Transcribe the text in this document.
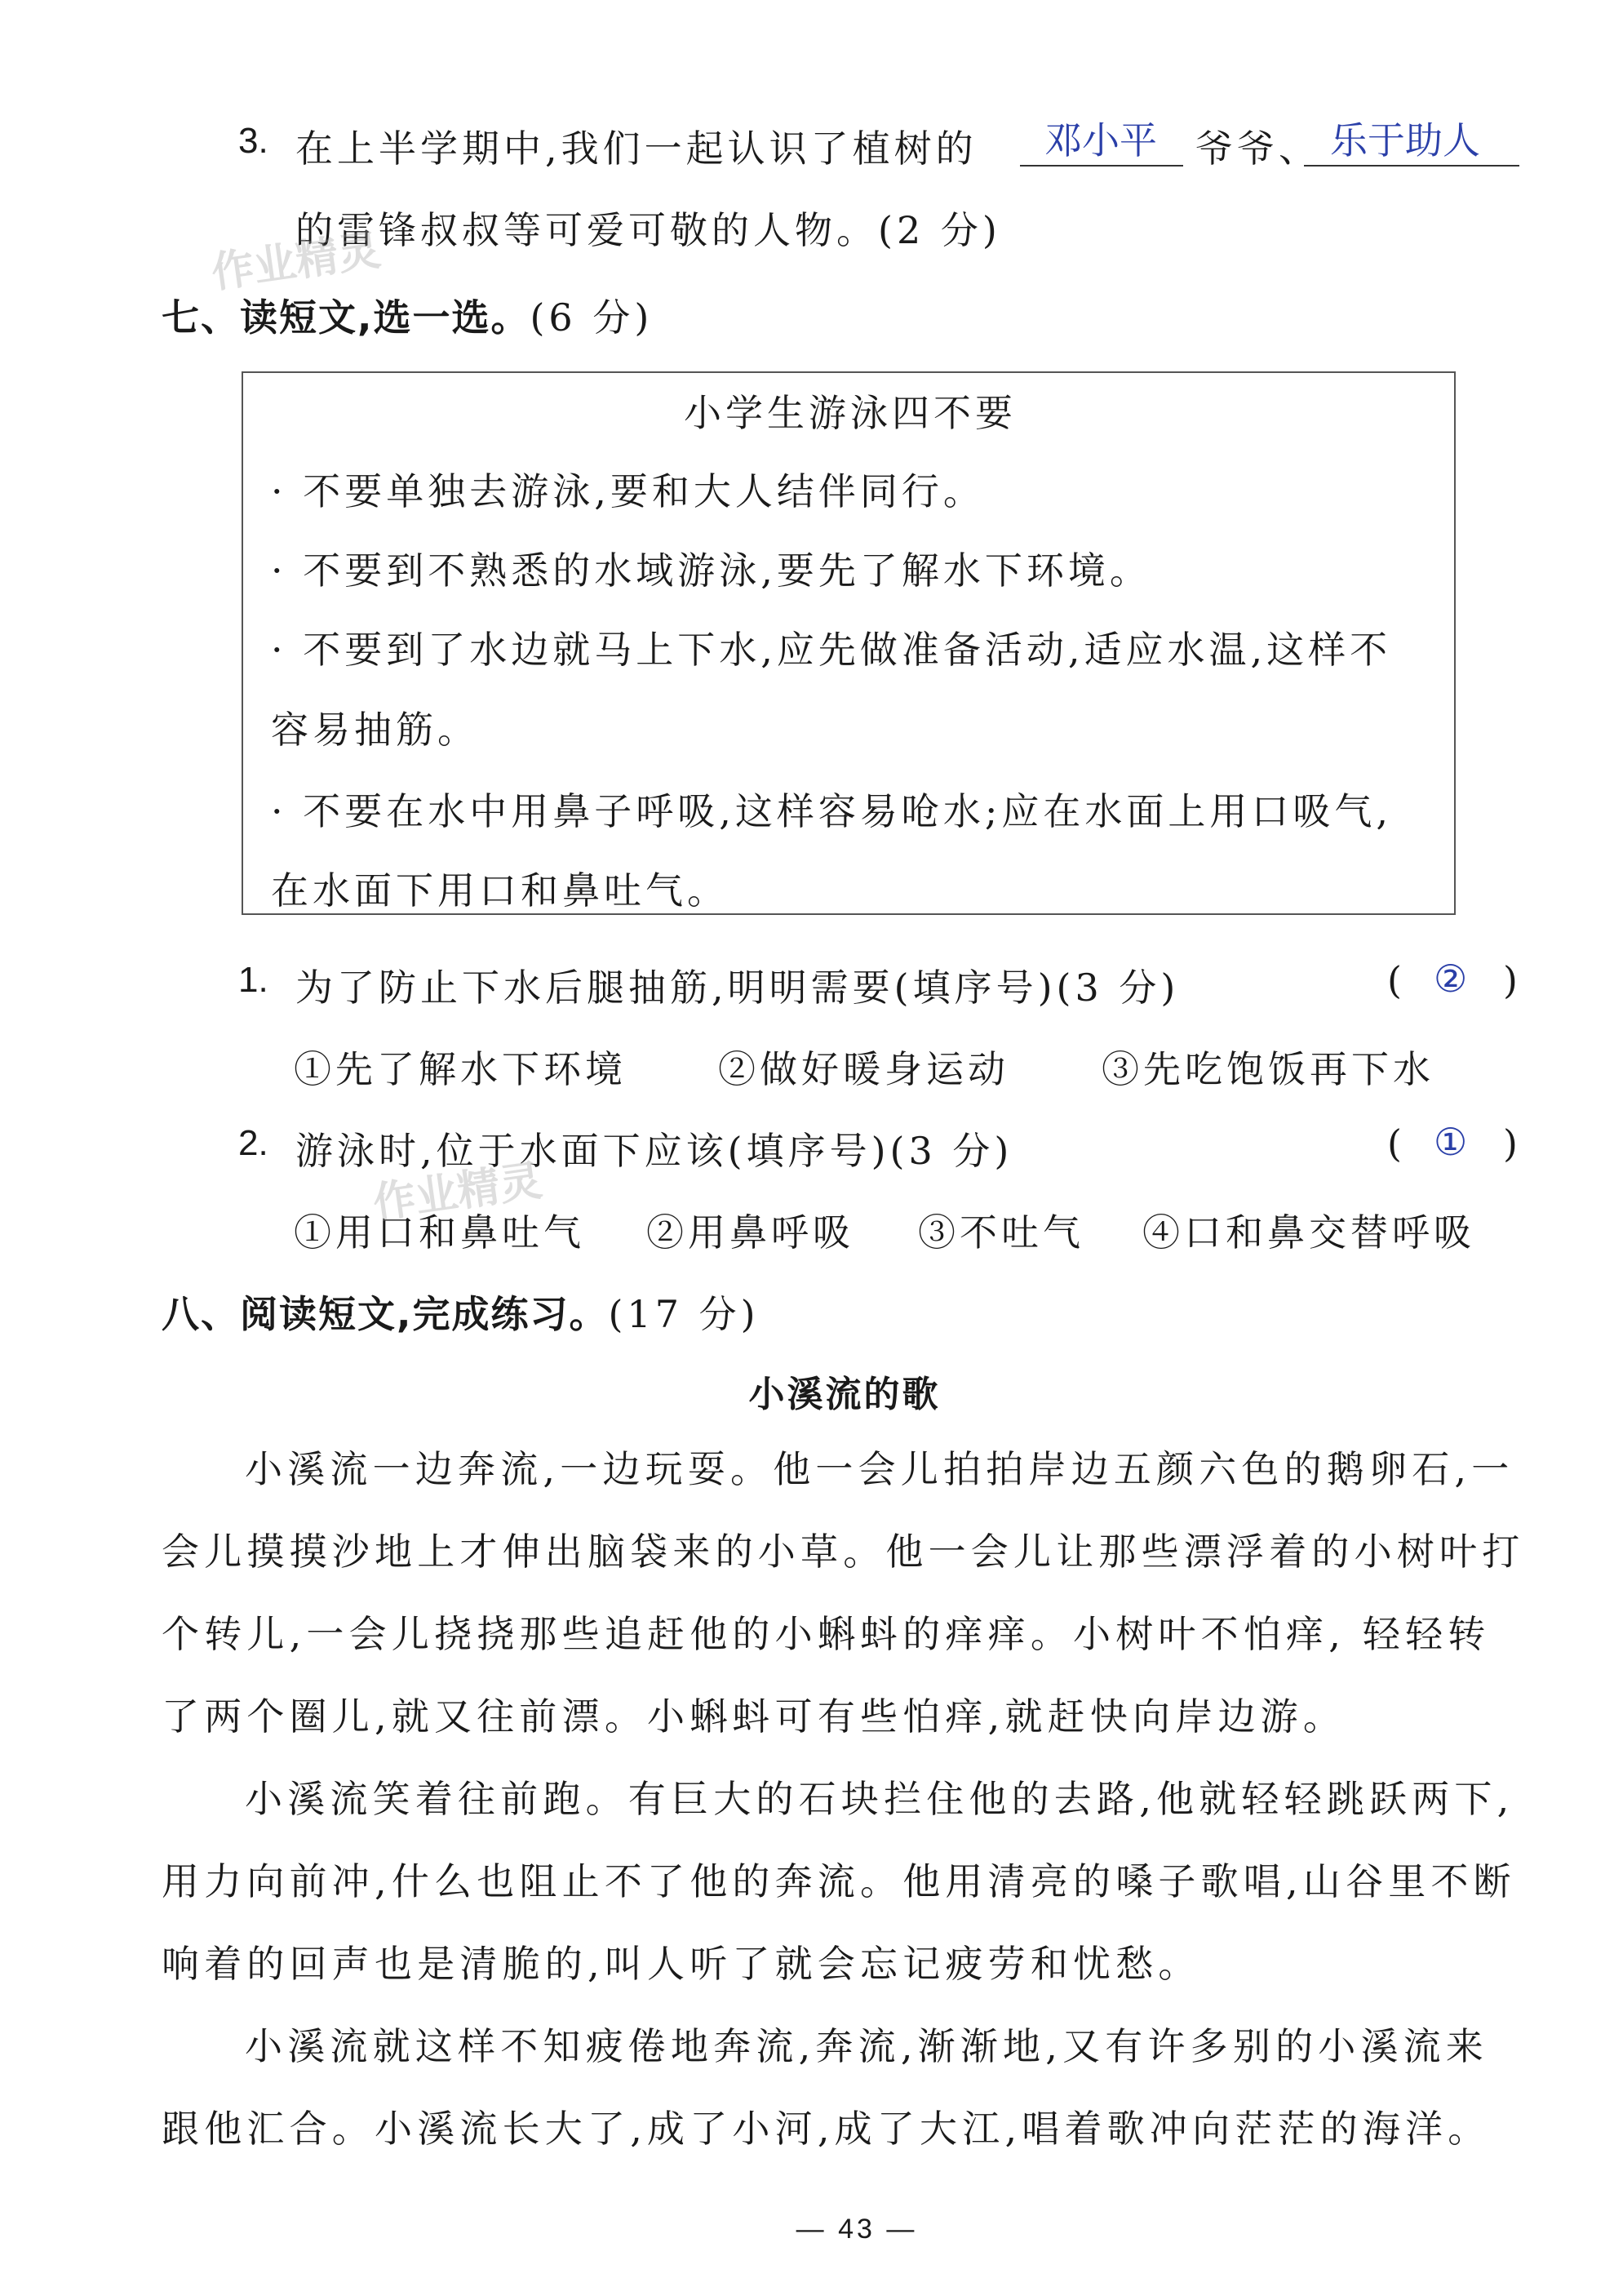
3. 在上半学期中,我们一起认识了植树的 邓小平 爷爷、 乐于助人
的雷锋叔叔等可爱可敬的人物。(2 分)
作业精灵
七、读短文,选一选。(6 分)
小学生游泳四不要
· 不要单独去游泳,要和大人结伴同行。
· 不要到不熟悉的水域游泳,要先了解水下环境。
· 不要到了水边就马上下水,应先做准备活动,适应水温,这样不
容易抽筋。
· 不要在水中用鼻子呼吸,这样容易呛水;应在水面上用口吸气,
在水面下用口和鼻吐气。
1. 为了防止下水后腿抽筋,明明需要(填序号)(3 分)	( ② )
①先了解水下环境 ②做好暖身运动 ③先吃饱饭再下水
2. 游泳时,位于水面下应该(填序号)(3 分)	( ① )
①用口和鼻吐气 ②用鼻呼吸 ③不吐气 ④口和鼻交替呼吸
作业精灵
八、阅读短文,完成练习。(17 分)
小溪流的歌
小溪流一边奔流,一边玩耍。他一会儿拍拍岸边五颜六色的鹅卵石,一
会儿摸摸沙地上才伸出脑袋来的小草。他一会儿让那些漂浮着的小树叶打
个转儿,一会儿挠挠那些追赶他的小蝌蚪的痒痒。小树叶不怕痒, 轻轻转
了两个圈儿,就又往前漂。小蝌蚪可有些怕痒,就赶快向岸边游。
小溪流笑着往前跑。有巨大的石块拦住他的去路,他就轻轻跳跃两下,
用力向前冲,什么也阻止不了他的奔流。他用清亮的嗓子歌唱,山谷里不断
响着的回声也是清脆的,叫人听了就会忘记疲劳和忧愁。
小溪流就这样不知疲倦地奔流,奔流,渐渐地,又有许多别的小溪流来
跟他汇合。小溪流长大了,成了小河,成了大江,唱着歌冲向茫茫的海洋。
— 43 —
